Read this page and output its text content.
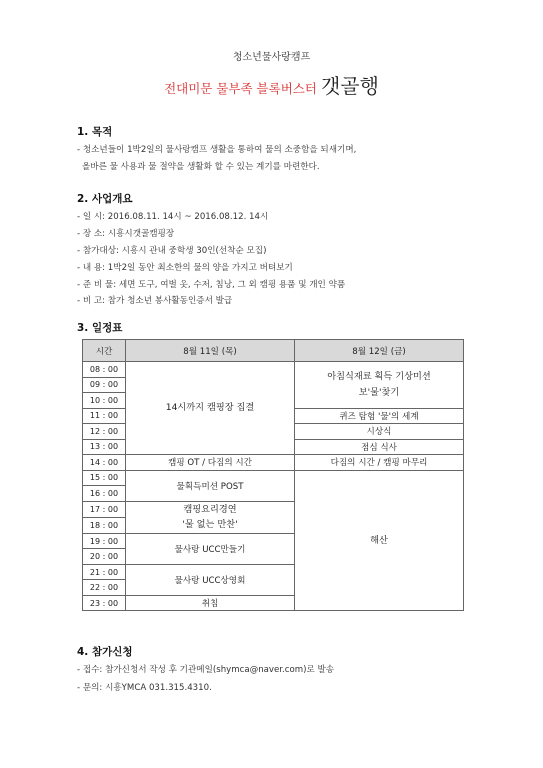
청소년물사랑캠프
전대미문 물부족 블록버스터 갯골행
1. 목적
- 청소년들이 1박2일의 물사랑캠프 생활을 통하여 물의 소중함을 되새기며,
올바른 물 사용과 물 절약을 생활화 할 수 있는 계기를 마련한다.
2. 사업개요
- 일 시: 2016.08.11. 14시 ~ 2016.08.12. 14시
- 장 소: 시흥시갯골캠핑장
- 참가대상: 시흥시 관내 중학생 30인(선착순 모집)
- 내 용: 1박2일 동안 최소한의 물의 양을 가지고 버텨보기
- 준 비 물: 세면 도구, 여벌 옷, 수저, 침낭, 그 외 캠핑 용품 및 개인 약품
- 비 고: 참가 청소년 봉사활동인증서 발급
3. 일정표
시간	8월 11일 (목)	8월 12일 (금)
08 : 00	14시까지 캠핑장 집결	아침식재료 획득 기상미션
보'물'찾기

09 : 00		
10 : 00		
11 : 00		퀴즈 탐험 '물'의 세계
12 : 00		시상식
13 : 00		점심 식사
14 : 00	캠핑 OT / 다짐의 시간	다짐의 시간 / 캠핑 마무리
15 : 00	물획득미션 POST	해산
16 : 00		
17 : 00	캠핑요리경연
'물 없는 만찬'	

18 : 00		
19 : 00	물사랑 UCC만들기	
20 : 00		
21 : 00	물사랑 UCC상영회	
22 : 00		
23 : 00	취침	
4. 참가신청
- 접수: 참가신청서 작성 후 기관메일(shymca@naver.com)로 발송
- 문의: 시흥YMCA 031.315.4310.
